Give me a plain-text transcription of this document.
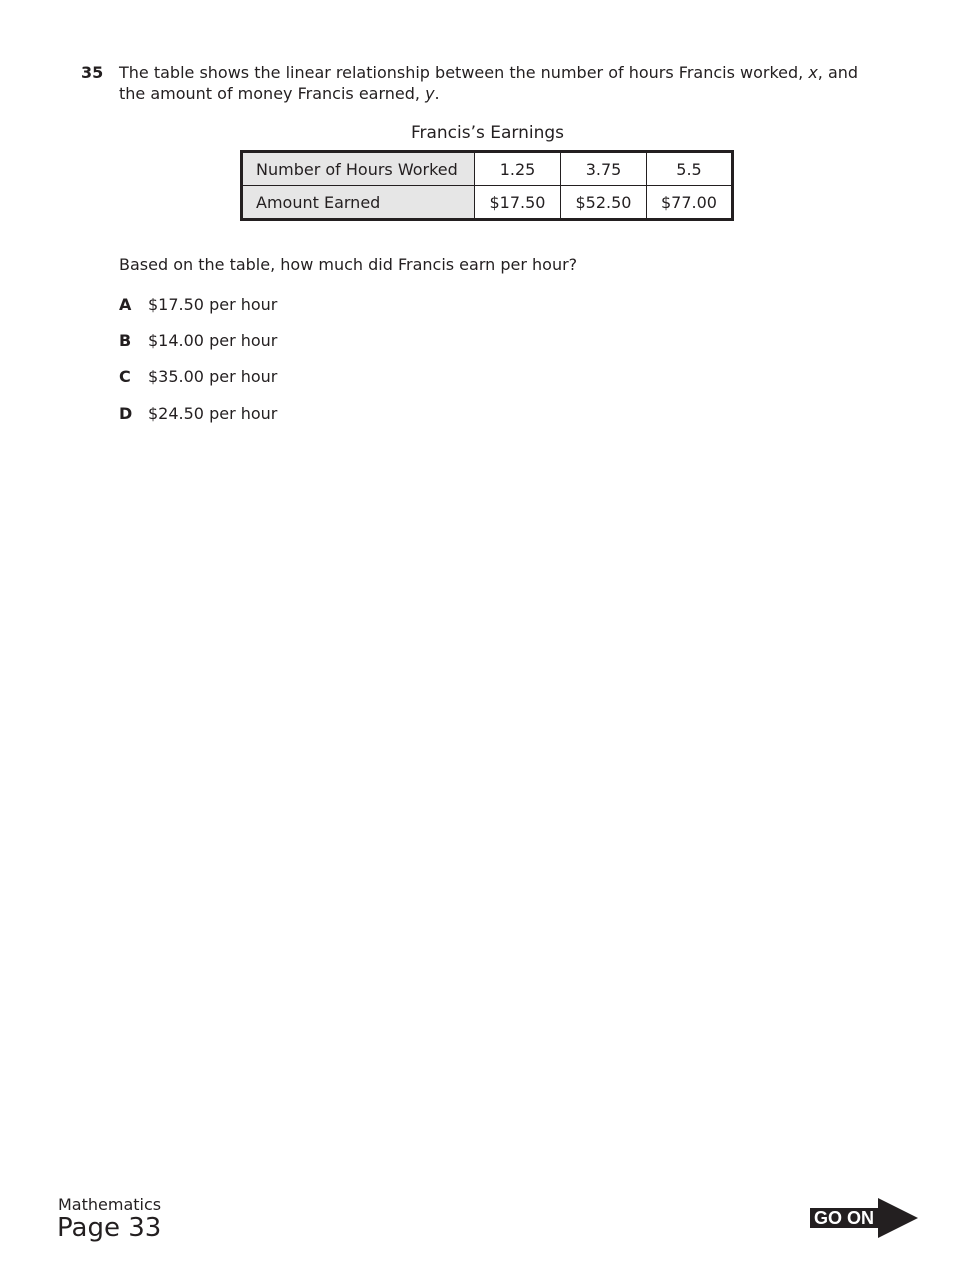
35 The table shows the linear relationship between the number of hours Francis worked, x, and the amount of money Francis earned, y.
Francis’s Earnings
Number of Hours Worked	1.25	3.75	5.5
Amount Earned	$17.50	$52.50	$77.00
Based on the table, how much did Francis earn per hour?
A	$17.50 per hour
B	$14.00 per hour
C	$35.00 per hour
D $24.50 per hour
Mathematics
Page 33	GO ON
